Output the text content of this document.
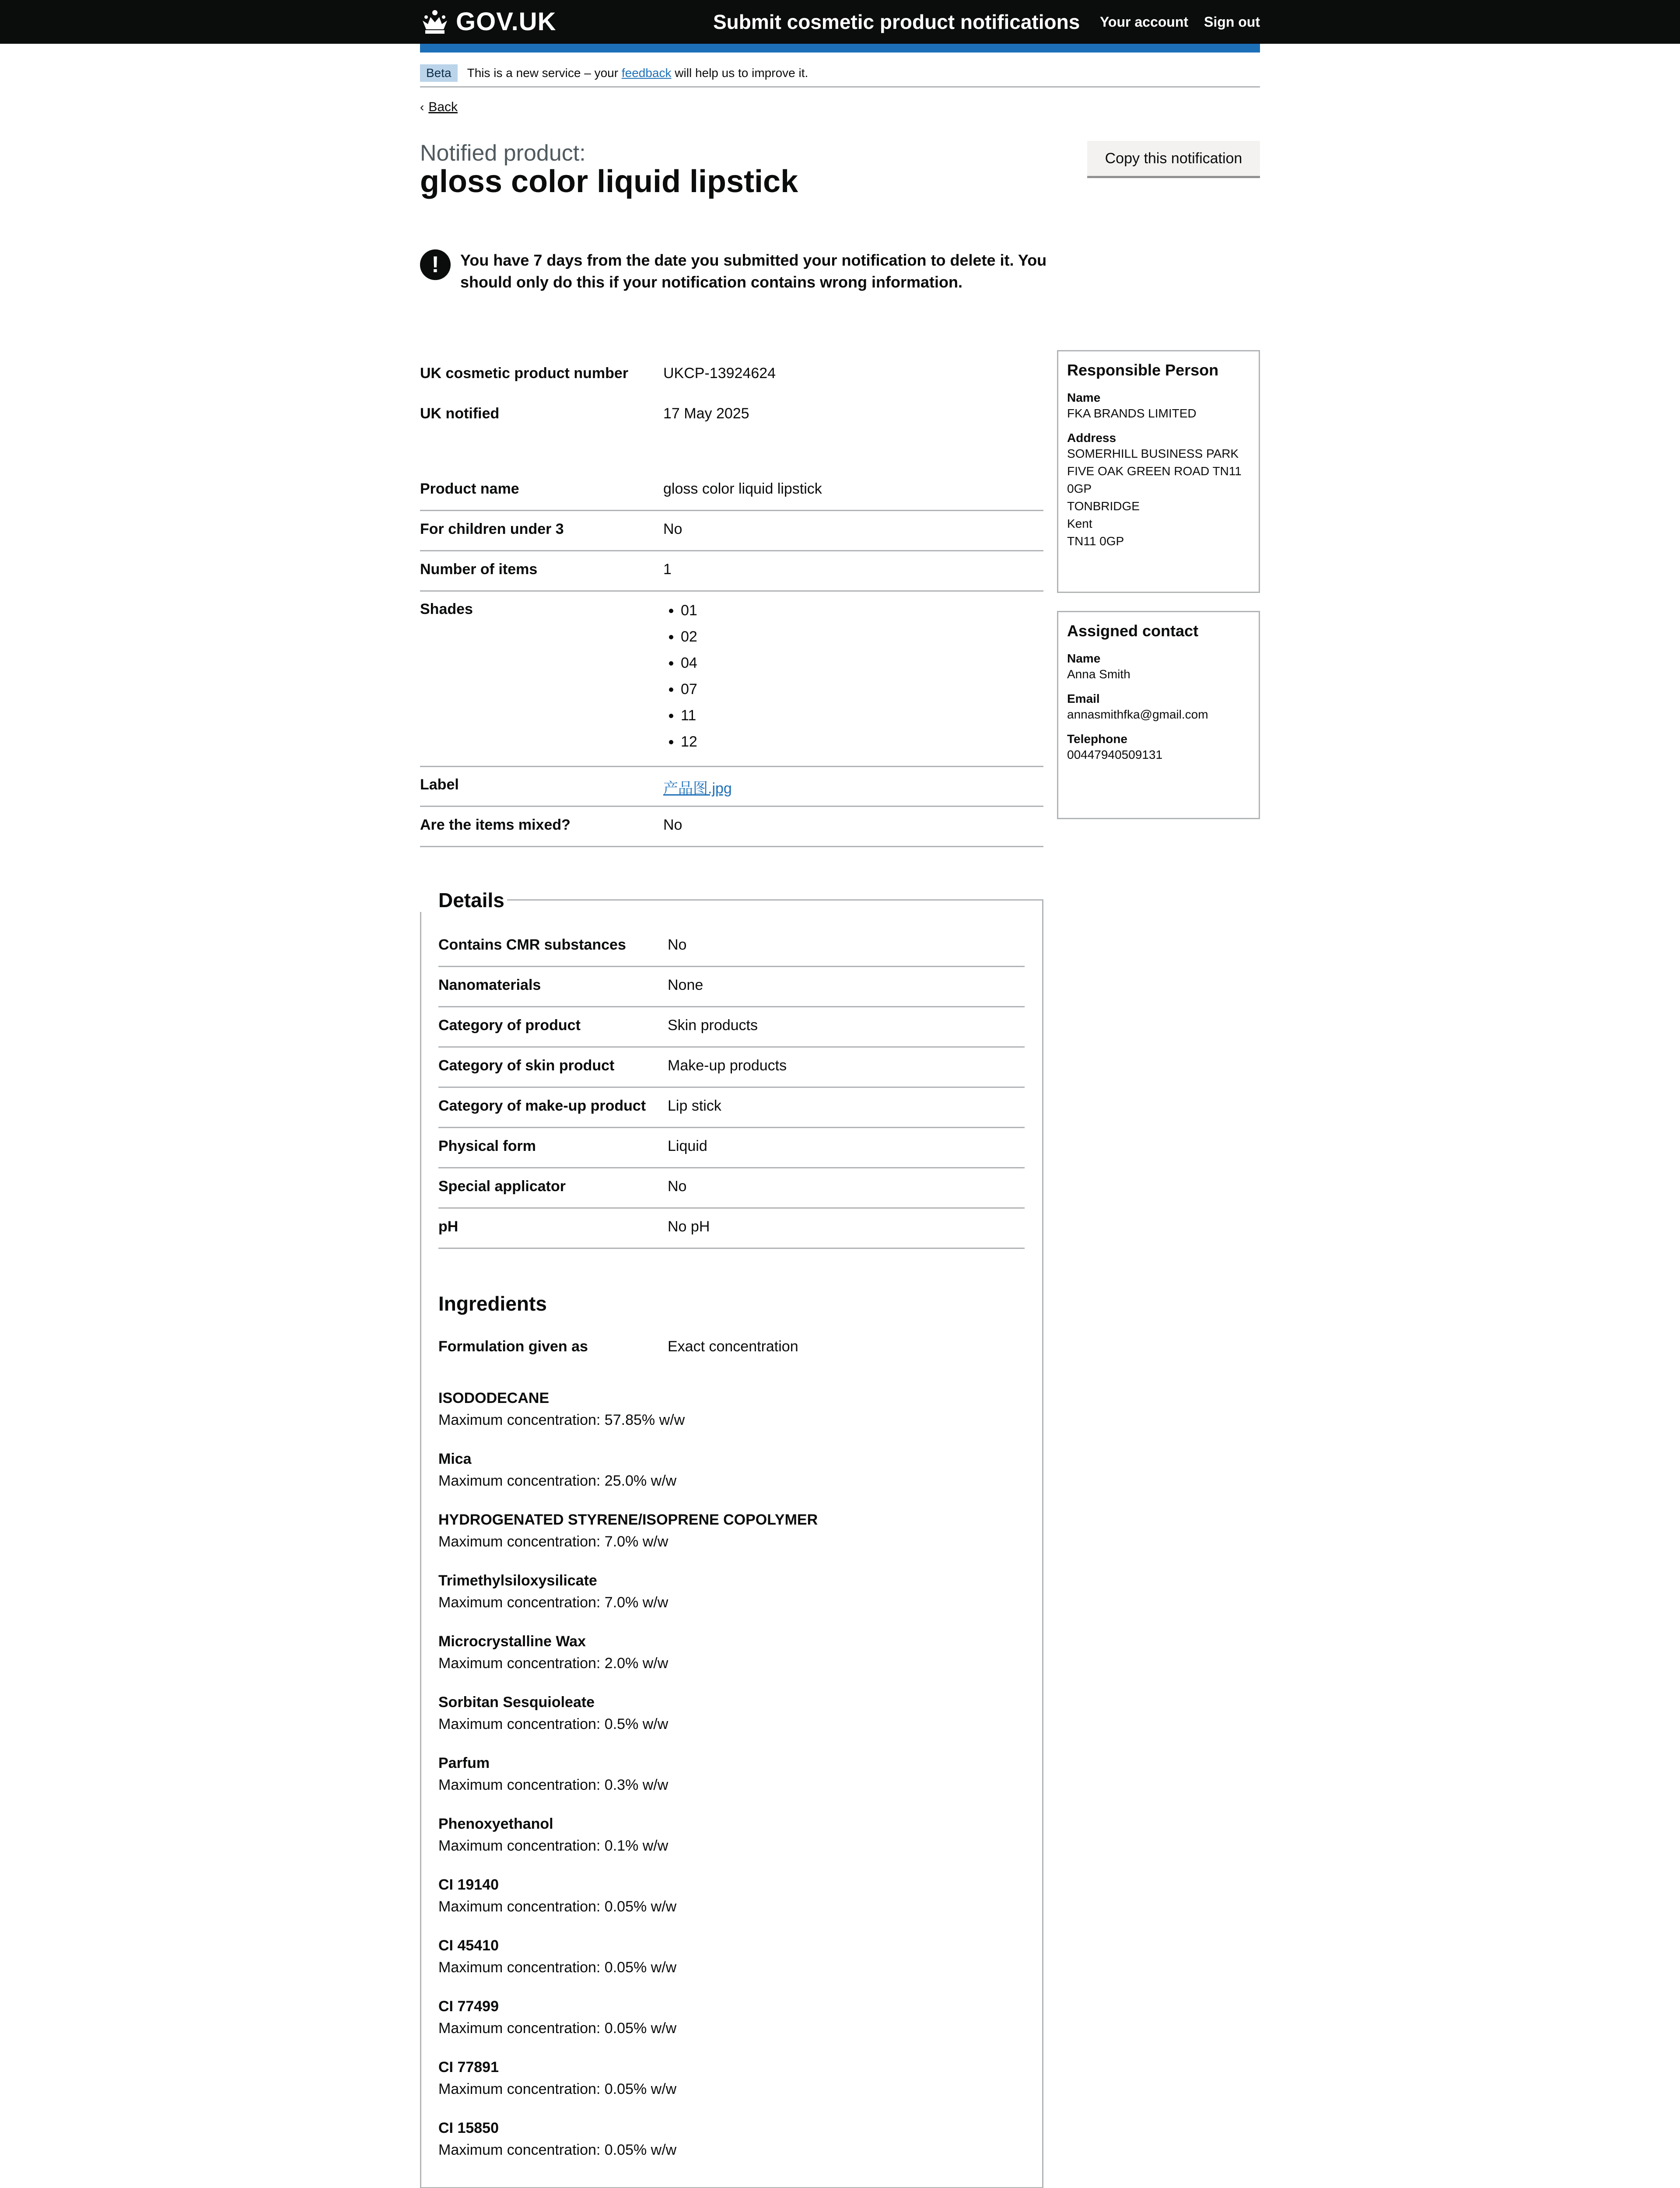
GOV.UK	Submit cosmetic product notifications Your account Sign out
Beta	This is a new service – your feedback will help us to improve it.
‹ Back
Notified product:
gloss color liquid lipstick
Copy this notification
!	You have 7 days from the date you submitted your notification to delete it. You should only do this if your notification contains wrong information.
UK cosmetic product number	UKCP-13924624
UK notified	17 May 2025
Product name	gloss color liquid lipstick
For children under 3	No
Number of items	1
Shades
•	01
• 02
• 04
• 07
• 11
• 12
Label	产品图.jpg
Are the items mixed?	No
Responsible Person
Name
FKA BRANDS LIMITED
Address
SOMERHILL BUSINESS PARK
FIVE OAK GREEN ROAD TN11
0GP
TONBRIDGE
Kent
TN11 0GP
Assigned contact
Name
Anna Smith
Email
annasmithfka@gmail.com
Telephone
00447940509131
Details
Contains CMR substances	No
Nanomaterials	None
Category of product	Skin products
Category of skin product	Make-up products
Category of make-up product	Lip stick
Physical form	Liquid
Special applicator	No
pH	No pH
Ingredients
Formulation given as	Exact concentration
ISODODECANE
Maximum concentration: 57.85% w/w
Mica
Maximum concentration: 25.0% w/w
HYDROGENATED STYRENE/ISOPRENE COPOLYMER
Maximum concentration: 7.0% w/w
Trimethylsiloxysilicate
Maximum concentration: 7.0% w/w
Microcrystalline Wax
Maximum concentration: 2.0% w/w
Sorbitan Sesquioleate
Maximum concentration: 0.5% w/w
Parfum
Maximum concentration: 0.3% w/w
Phenoxyethanol
Maximum concentration: 0.1% w/w
CI 19140
Maximum concentration: 0.05% w/w
CI 45410
Maximum concentration: 0.05% w/w
CI 77499
Maximum concentration: 0.05% w/w
CI 77891
Maximum concentration: 0.05% w/w
CI 15850
Maximum concentration: 0.05% w/w
